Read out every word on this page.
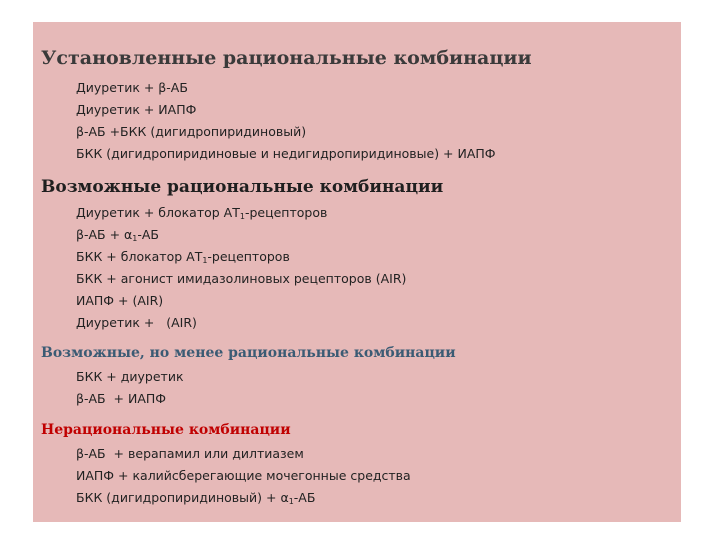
Установленные рациональные комбинации
Диуретик + β-АБ
Диуретик + ИАПФ
β-АБ +БКК (дигидропиридиновый)
БКК (дигидропиридиновые и недигидропиридиновые) + ИАПФ
Возможные рациональные комбинации
Диуретик + блокатор $АТ_1$-рецепторов
$\beta-АБ + \alpha_1-АБ$
БКК + блокатор $АТ_1$-рецепторов
БКК + агонист имидазолиновых рецепторов (AIR)
ИАПФ + (AIR)
Диуретик +   (AIR)
Возможные, но менее рациональные комбинации
БКК + диуретик
β-АБ  + ИАПФ
Нерациональные комбинации
β-АБ  + верапамил или дилтиазем
ИАПФ + калийсберегающие мочегонные средства
БКК (дигидропиридиновый) + $\alpha_1-АБ$
